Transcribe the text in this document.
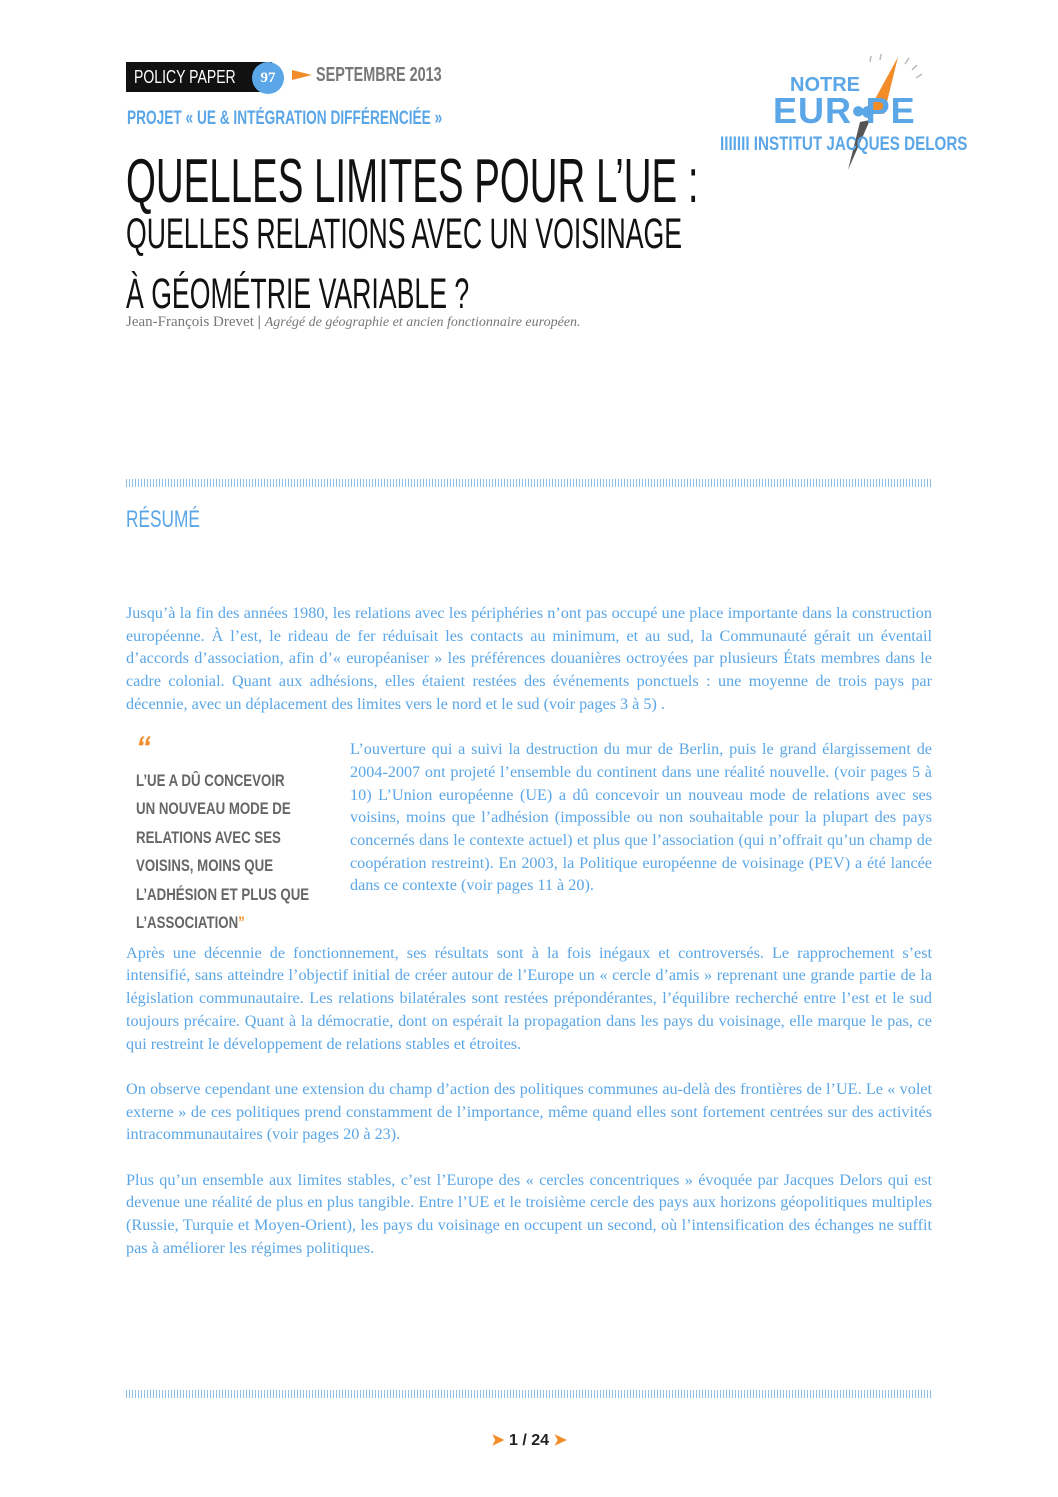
POLICY PAPER	97	SEPTEMBRE 2013
PROJET « UE & INTÉGRATION DIFFÉRENCIÉE »
NOTRE
EUR•PE
IIIIIII INSTITUT JACQUES DELORS
QUELLES LIMITES POUR L’UE :
QUELLES RELATIONS AVEC UN VOISINAGE
À GÉOMÉTRIE VARIABLE ?
Jean-François Drevet | Agrégé de géographie et ancien fonctionnaire européen.
RÉSUMÉ

Jusqu’à la fin des années 1980, les relations avec les périphéries n’ont pas occupé une place importante dans la construction européenne. À l’est, le rideau de fer réduisait les contacts au minimum, et au sud, la Communauté gérait un éventail d’accords d’association, afin d’« européaniser » les préférences douanières octroyées par plusieurs États membres dans le cadre colonial. Quant aux adhésions, elles étaient restées des événements ponctuels : une moyenne de trois pays par décennie, avec un déplacement des limites vers le nord et le sud (voir pages 3 à 5) .

“ L’UE A DÛ CONCEVOIR
UN NOUVEAU MODE DE
RELATIONS AVEC SES
VOISINS, MOINS QUE
L’ADHÉSION ET PLUS QUE
L’ASSOCIATION”

L’ouverture qui a suivi la destruction du mur de Berlin, puis le grand élargissement de 2004-2007 ont projeté l’ensemble du continent dans une réalité nouvelle. (voir pages 5 à 10) L’Union européenne (UE) a dû concevoir un nouveau mode de relations avec ses voisins, moins que l’adhésion (impossible ou non souhaitable pour la plupart des pays concernés dans le contexte actuel) et plus que l’association (qui n’offrait qu’un champ de coopération restreint). En 2003, la Politique européenne de voisinage (PEV) a été lancée dans ce contexte (voir pages 11 à 20).

Après une décennie de fonctionnement, ses résultats sont à la fois inégaux et controversés. Le rapprochement s’est intensifié, sans atteindre l’objectif initial de créer autour de l’Europe un « cercle d’amis » reprenant une grande partie de la législation communautaire. Les relations bilatérales sont restées prépondérantes, l’équilibre recherché entre l’est et le sud toujours précaire. Quant à la démocratie, dont on espérait la propagation dans les pays du voisinage, elle marque le pas, ce qui restreint le développement de relations stables et étroites.

On observe cependant une extension du champ d’action des politiques communes au-delà des frontières de l’UE. Le « volet externe » de ces politiques prend constamment de l’importance, même quand elles sont fortement centrées sur des activités intracommunautaires (voir pages 20 à 23).

Plus qu’un ensemble aux limites stables, c’est l’Europe des « cercles concentriques » évoquée par Jacques Delors qui est devenue une réalité de plus en plus tangible. Entre l’UE et le troisième cercle des pays aux horizons géopolitiques multiples (Russie, Turquie et Moyen-Orient), les pays du voisinage en occupent un second, où l’intensification des échanges ne suffit pas à améliorer les régimes politiques.

➤ 1 / 24 ➤
